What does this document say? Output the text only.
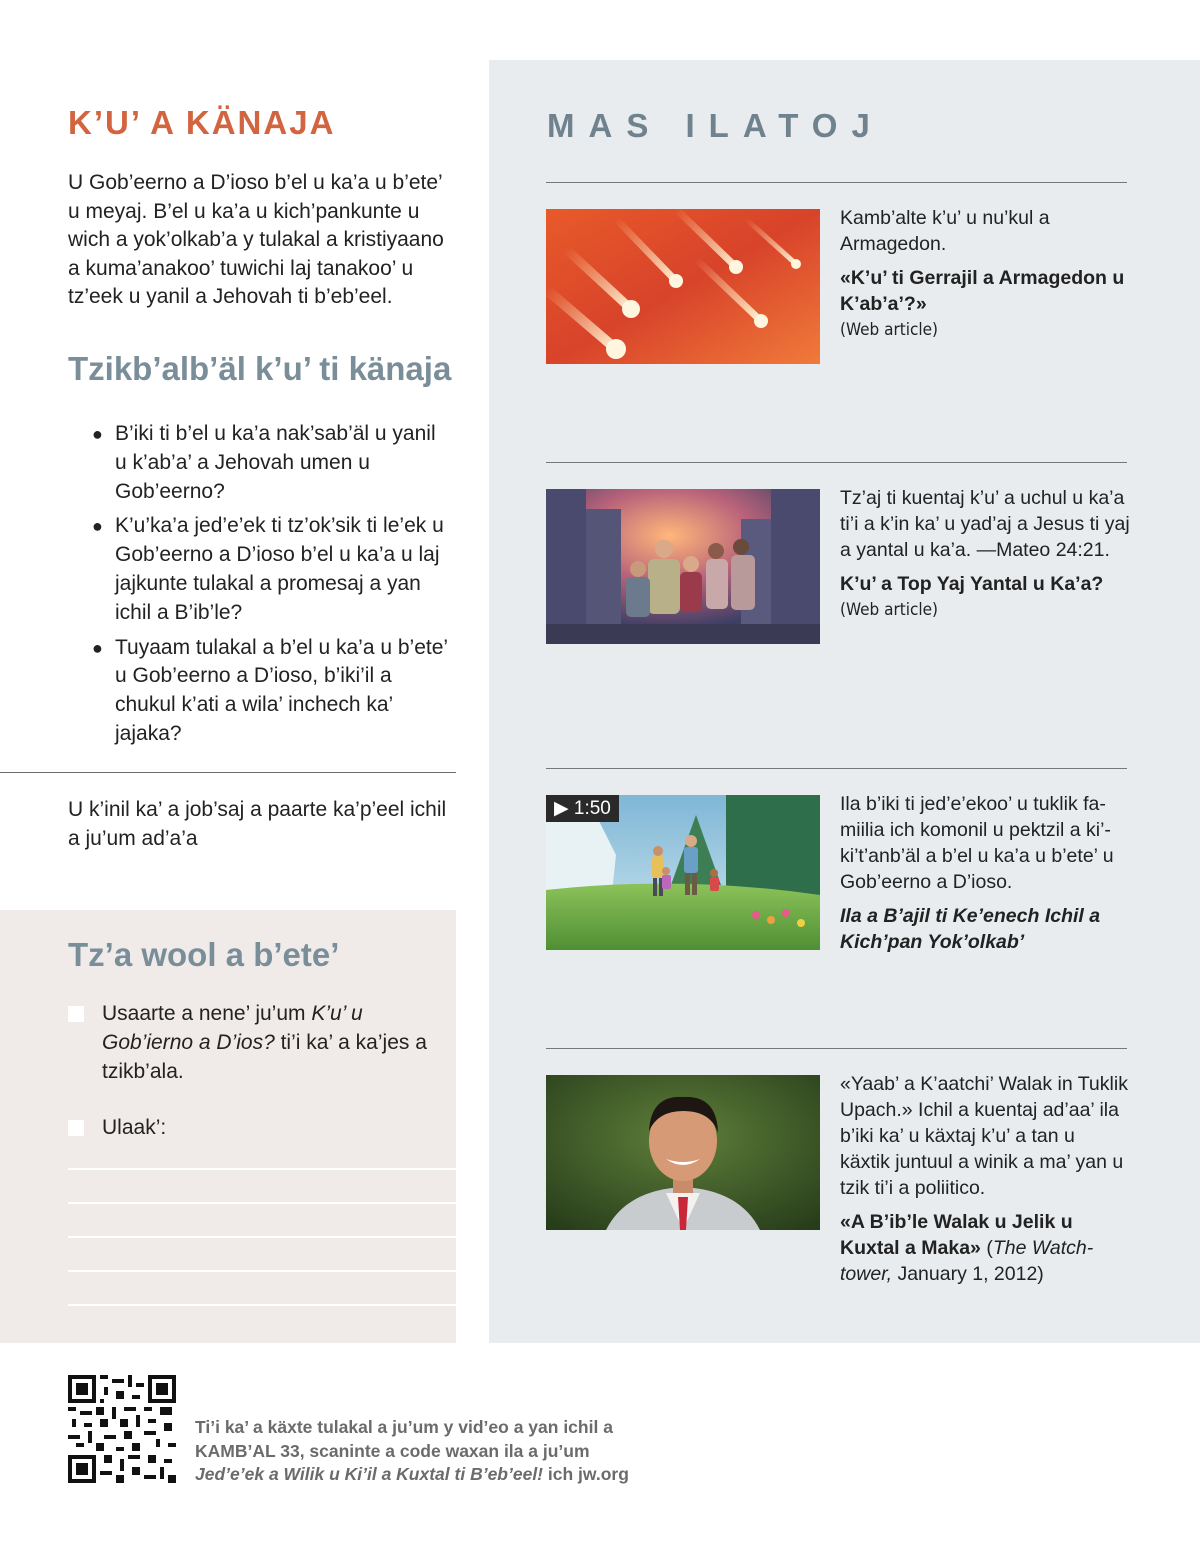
K’U’ A KÄNAJA

U Gob’eerno a D’ioso b’el u ka’a u b’ete’ u meyaj. B’el u ka’a u kich’pankunte u wich a yok’olkab’a y tulakal a kristiyaano a kuma’anakoo’ tuwichi laj tanakoo’ u tz’eek u yanil a Jehovah ti b’eb’eel.

Tzikb’alb’äl k’u’ ti känaja
● B’iki ti b’el u ka’a nak’sab’äl u yanil u k’ab’a’ a Jehovah umen u Gob’eerno?
● K’u’ka’a jed’e’ek ti tz’ok’sik ti le’ek u Gob’eerno a D’ioso b’el u ka’a u laj jajkunte tulakal a promesaj a yan ichil a B’ib’le?
● Tuyaam tulakal a b’el u ka’a u b’ete’ u Gob’eerno a D’ioso, b’iki’il a chukul k’ati a wila’ inchech ka’ jajaka?

U k’inil ka’ a job’saj a paarte ka’p’eel ichil a ju’um ad’a’a

Tz’a wool a b’ete’
Usaarte a nene’ ju’um K’u’ u Gob’ierno a D’ios? ti’i ka’ a ka’jes a tzikb’ala.
Ulaak’:
MAS ILATOJ

Kamb’alte k’u’ u nu’kul a Armagedon.

«K’u’ ti Gerrajil a Armagedon u K’ab’a’?»

(Web article)

Tz’aj ti kuentaj k’u’ a uchul u ka’a ti’i a k’in ka’ u yad’aj a Jesus ti yaj a yantal u ka’a. —Mateo 24:21.

K’u’ a Top Yaj Yantal u Ka’a?

(Web article)

▶ 1:50	Ila b’iki ti jed’e’ekoo’ u tuklik famiilia ich komonil u pektzil a ki’ki’t’anb’äl a b’el u ka’a u b’ete’ u Gob’eerno a D’ioso.

Ila a B’ajil ti Ke’enech Ichil a Kich’pan Yok’olkab’

«Yaab’ a K’aatchi’ Walak in Tuklik Upach.» Ichil a kuentaj ad’aa’ ila b’iki ka’ u käxtaj k’u’ a tan u käxtik juntuul a winik a ma’ yan u tzik ti’i a poliitico.

«A B’ib’le Walak u Jelik u Kuxtal a Maka» (The Watchtower, January 1, 2012)

Ti’i ka’ a käxte tulakal a ju’um y vid’eo a yan ichil a KAMB’AL 33, scaninte a code waxan ila a ju’um Jed’e’ek a Wilik u Ki’il a Kuxtal ti B’eb’eel! ich jw.org
